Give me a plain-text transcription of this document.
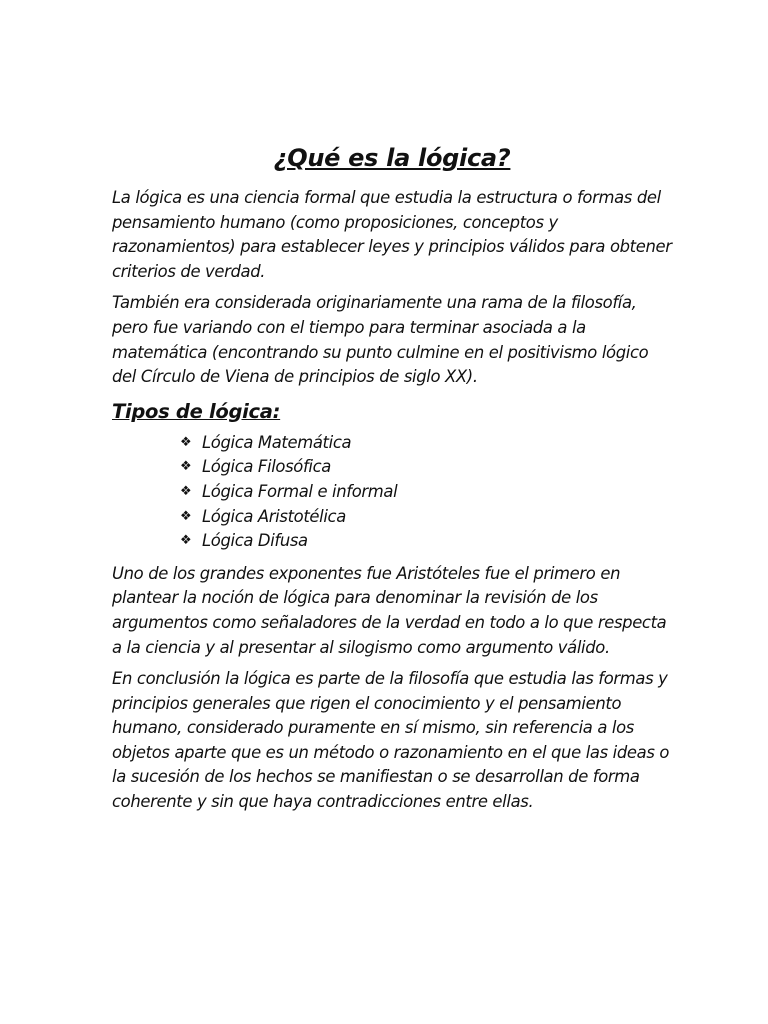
¿Qué es la lógica?

La lógica es una ciencia formal que estudia la estructura o formas del pensamiento humano (como proposiciones, conceptos y razonamientos) para establecer leyes y principios válidos para obtener criterios de verdad.

También era considerada originariamente una rama de la filosofía, pero fue variando con el tiempo para terminar asociada a la matemática (encontrando su punto culmine en el positivismo lógico del Círculo de Viena de principios de siglo XX).

Tipos de lógica:
❖ Lógica Matemática
❖ Lógica Filosófica
❖ Lógica Formal e informal
❖ Lógica Aristotélica
❖ Lógica Difusa

Uno de los grandes exponentes fue Aristóteles fue el primero en plantear la noción de lógica para denominar la revisión de los argumentos como señaladores de la verdad en todo a lo que respecta a la ciencia y al presentar al silogismo como argumento válido.

En conclusión la lógica es parte de la filosofía que estudia las formas y principios generales que rigen el conocimiento y el pensamiento humano, considerado puramente en sí mismo, sin referencia a los objetos aparte que es un método o razonamiento en el que las ideas o la sucesión de los hechos se manifiestan o se desarrollan de forma coherente y sin que haya contradicciones entre ellas.
